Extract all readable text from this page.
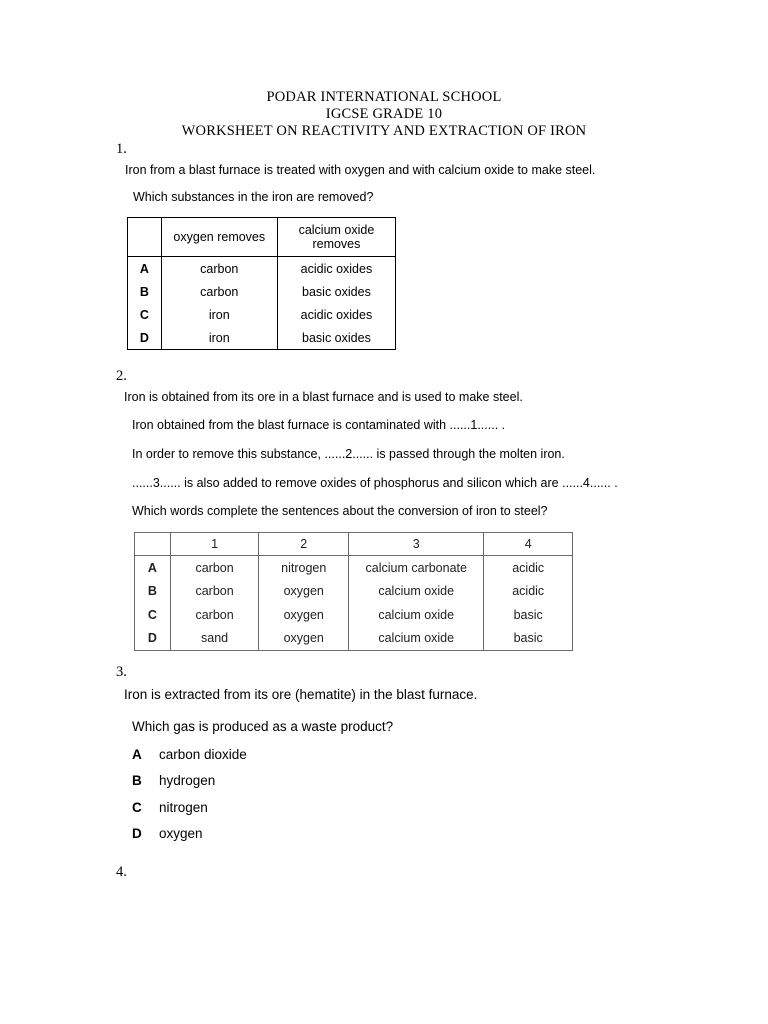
PODAR INTERNATIONAL SCHOOL
IGCSE GRADE 10
WORKSHEET ON REACTIVITY AND EXTRACTION OF IRON
1.
Iron from a blast furnace is treated with oxygen and with calcium oxide to make steel.
Which substances in the iron are removed?
	oxygen removes	calcium oxide
removes

A	carbon	acidic oxides
B	carbon	basic oxides
C	iron	acidic oxides
D	iron	basic oxides
2.
Iron is obtained from its ore in a blast furnace and is used to make steel.
Iron obtained from the blast furnace is contaminated with ......1...... .
In order to remove this substance, ......2...... is passed through the molten iron.
......3...... is also added to remove oxides of phosphorus and silicon which are ......4...... .
Which words complete the sentences about the conversion of iron to steel?
	1	2	3	4
A	carbon	nitrogen	calcium carbonate	acidic
B	carbon	oxygen	calcium oxide	acidic
C	carbon	oxygen	calcium oxide	basic
D	sand	oxygen	calcium oxide	basic
3.
Iron is extracted from its ore (hematite) in the blast furnace.
Which gas is produced as a waste product?
A carbon dioxide
B hydrogen
C nitrogen
D oxygen
4.
